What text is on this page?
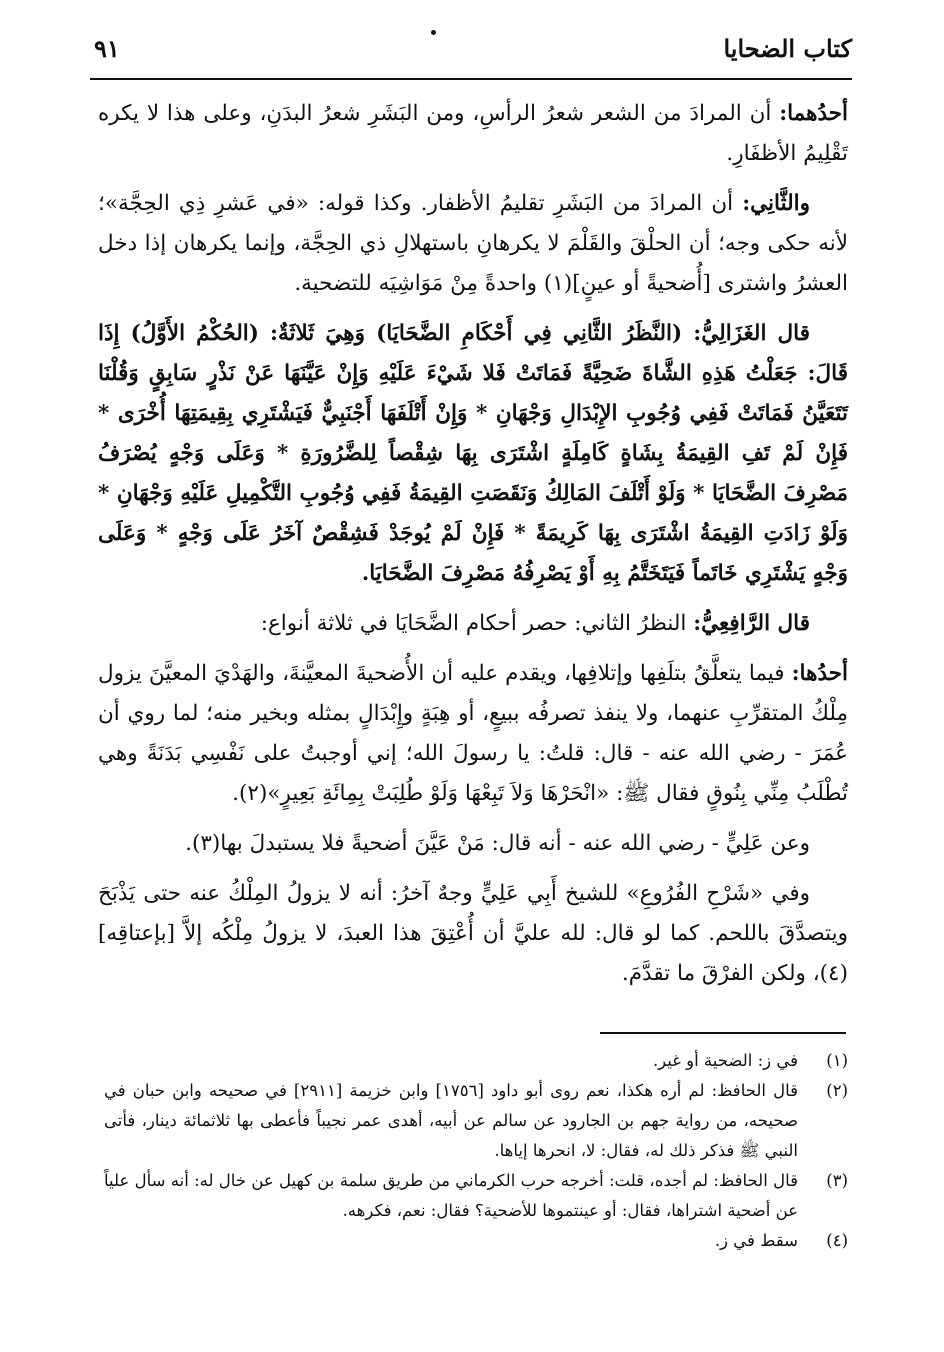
كتاب الضحايا
٩١

أحدُهما: أن المرادَ من الشعر شعرُ الرأسِ، ومن البَشَرِ شعرُ البدَنِ، وعلى هذا لا يكره تَقْلِيمُ الأظفَارِ.

والثَّانِي: أن المرادَ من البَشَرِ تقليمُ الأظفار. وكذا قوله: «في عَشرِ ذِي الحِجَّة»؛ لأنه حكى وجه؛ أن الحلْقَ والقَلْمَ لا يكرهانِ باستهلالِ ذي الحِجَّة، وإنما يكرهان إذا دخل العشرُ واشترى [أُضحيةً أو عينٍ](١) واحدةً مِنْ مَوَاشِيَه للتضحية.

قال الغَزَالِيُّ: (النَّظَرُ الثَّانِي فِي أَحْكَامِ الضَّحَايَا) وَهِيَ ثَلاثَةٌ: (الحُكْمُ الأَوَّلُ) إِذَا قَالَ: جَعَلْتُ هَذِهِ الشَّاةَ ضَحِيَّةً فَمَاتَتْ فَلا شَيْءَ عَلَيْهِ وَإِنْ عَيَّنَهَا عَنْ نَذْرٍ سَابِقٍ وَقُلْنَا تَتَعَيَّنُ فَمَاتَتْ فَفِي وُجُوبِ الإِبْدَالِ وَجْهَانِ * وَإِنْ أَتْلَفَهَا أَجْنَبِيٌّ فَيَشْتَرِي بِقِيمَتِهَا أُخْرَى * فَإِنْ لَمْ تَفِ القِيمَةُ بِشَاةٍ كَامِلَةٍ اشْتَرَى بِهَا شِقْصاً لِلضَّرُورَةِ * وَعَلَى وَجْهٍ يُصْرَفُ مَصْرِفَ الضَّحَايَا * وَلَوْ أَتْلَفَ المَالِكُ وَنَقَصَتِ القِيمَةُ فَفِي وُجُوبِ التَّكْمِيلِ عَلَيْهِ وَجْهَانِ * وَلَوْ زَادَتِ القِيمَةُ اشْتَرَى بِهَا كَرِيمَةً * فَإِنْ لَمْ يُوجَدْ فَشِقْصٌ آخَرُ عَلَى وَجْهٍ * وَعَلَى وَجْهٍ يَشْتَرِي خَاتَماً فَيَتَخَتَّمُ بِهِ أَوْ يَصْرِفُهُ مَصْرِفَ الضَّحَايَا.

قال الرَّافِعِيُّ: النظرُ الثاني: حصر أحكام الضَّحَايَا في ثلاثة أنواع:

أحدُها: فيما يتعلَّقُ بتلَفِها وإتلافِها، ويقدم عليه أن الأُضحيةَ المعيَّنةَ، والهَدْيَ المعيَّنَ يزول مِلْكُ المتقرِّبِ عنهما، ولا ينفذ تصرفُه ببيعٍ، أو هِبَةٍ وإِبْدَالٍ بمثله وبخير منه؛ لما روي أن عُمَرَ - رضي الله عنه - قال: قلتُ: يا رسولَ الله؛ إني أوجبتُ على نَفْسِي بَدَنَةً وهي تُطْلَبُ مِنِّي بِنُوقٍ فقال ﷺ: «انْحَرْهَا وَلاَ تَبِعْهَا وَلَوْ طُلِبَتْ بِمِائَةِ بَعِيرٍ»(٢).

وعن عَلِيٍّ - رضي الله عنه - أنه قال: مَنْ عَيَّنَ أضحيةً فلا يستبدلَ بها(٣).

وفي «شَرْحِ الفُرُوعِ» للشيخ أَبِي عَلِيٍّ وجهٌ آخرُ: أنه لا يزولُ المِلْكُ عنه حتى يَذْبَحَ ويتصدَّقَ باللحم. كما لو قال: لله عليَّ أن أُعْتِقَ هذا العبدَ، لا يزولُ مِلْكُه إلاَّ [بإعتاقِه](٤)، ولكن الفرْقَ ما تقدَّمَ.

(١)
في ز: الضحية أو غير.
(٢)
قال الحافظ: لم أره هكذا، نعم روى أبو داود [١٧٥٦] وابن خزيمة [٢٩١١] في صحيحه وابن حبان في صحيحه، من رواية جهم بن الجارود عن سالم عن أبيه، أهدى عمر نجيباً فأعطى بها ثلاثمائة دينار، فأتى النبي ﷺ فذكر ذلك له، فقال: لا، انحرها إياها.
(٣)
قال الحافظ: لم أجده، قلت: أخرجه حرب الكرماني من طريق سلمة بن كهيل عن خال له: أنه سأل علياً عن أضحية اشتراها، فقال: أو عينتموها للأضحية؟ فقال: نعم، فكرهه.
(٤)
سقط في ز.
